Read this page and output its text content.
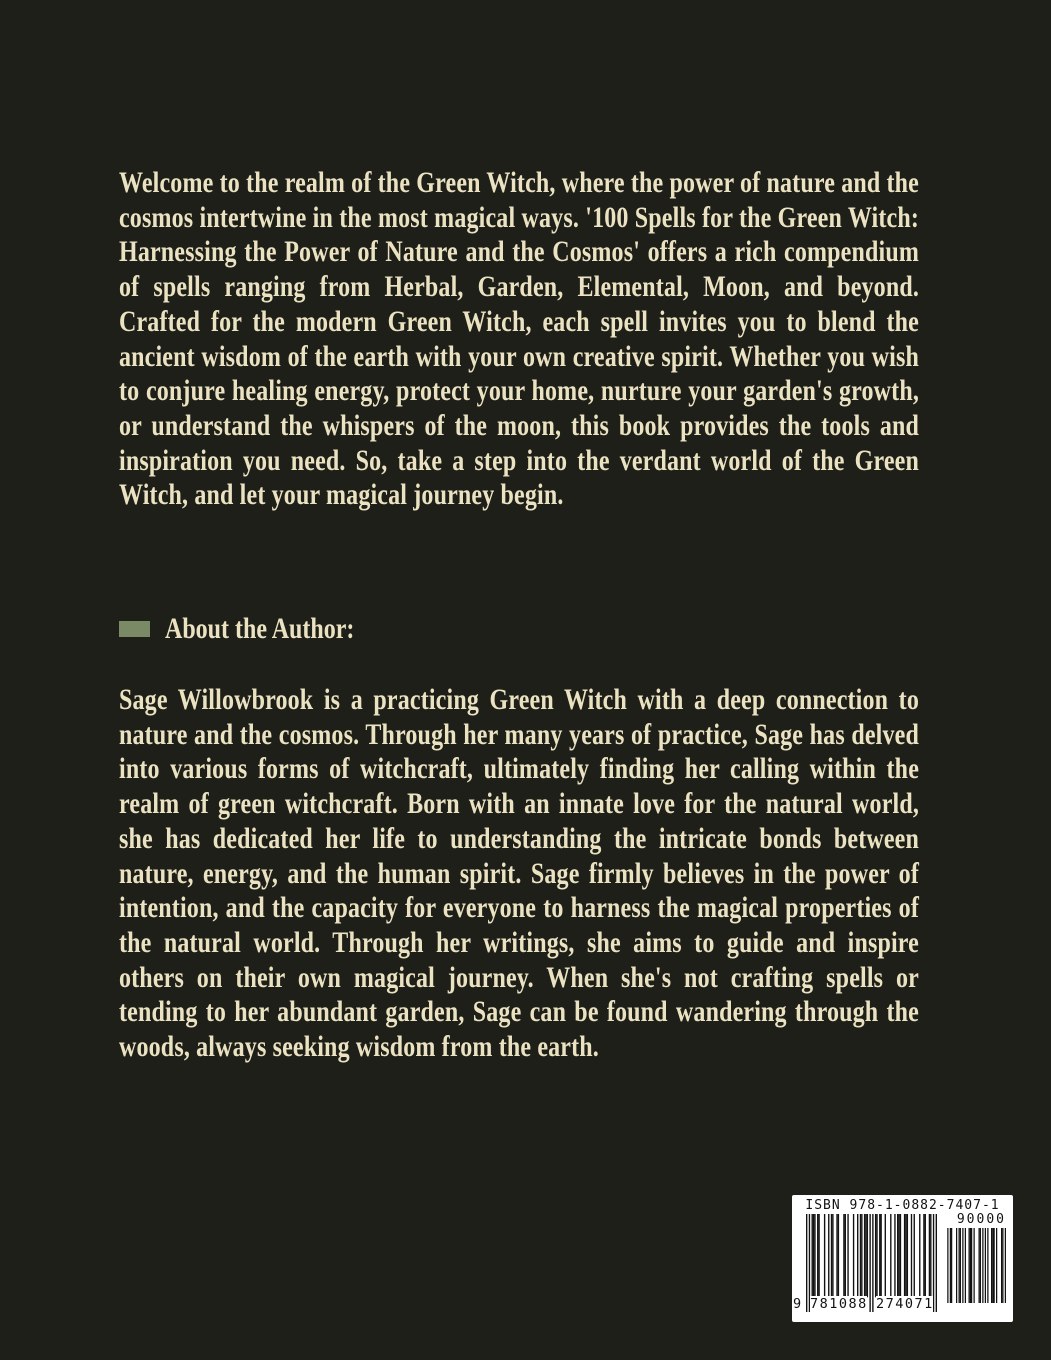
Welcome to the realm of the Green Witch, where the power of nature and the cosmos intertwine in the most magical ways. '100 Spells for the Green Witch: Harnessing the Power of Nature and the Cosmos' offers a rich compendium of spells ranging from Herbal, Garden, Elemental, Moon, and beyond. Crafted for the modern Green Witch, each spell invites you to blend the ancient wisdom of the earth with your own creative spirit. Whether you wish to conjure healing energy, protect your home, nurture your garden's growth, or understand the whispers of the moon, this book provides the tools and inspiration you need. So, take a step into the verdant world of the Green Witch, and let your magical journey begin.

About the Author:

Sage Willowbrook is a practicing Green Witch with a deep connection to nature and the cosmos. Through her many years of practice, Sage has delved into various forms of witchcraft, ultimately finding her calling within the realm of green witchcraft. Born with an innate love for the natural world, she has dedicated her life to understanding the intricate bonds between nature, energy, and the human spirit. Sage firmly believes in the power of intention, and the capacity for everyone to harness the magical properties of the natural world. Through her writings, she aims to guide and inspire others on their own magical journey. When she's not crafting spells or tending to her abundant garden, Sage can be found wandering through the woods, always seeking wisdom from the earth.

ISBN 978-1-0882-7407-1
90000
9 781088 274071
